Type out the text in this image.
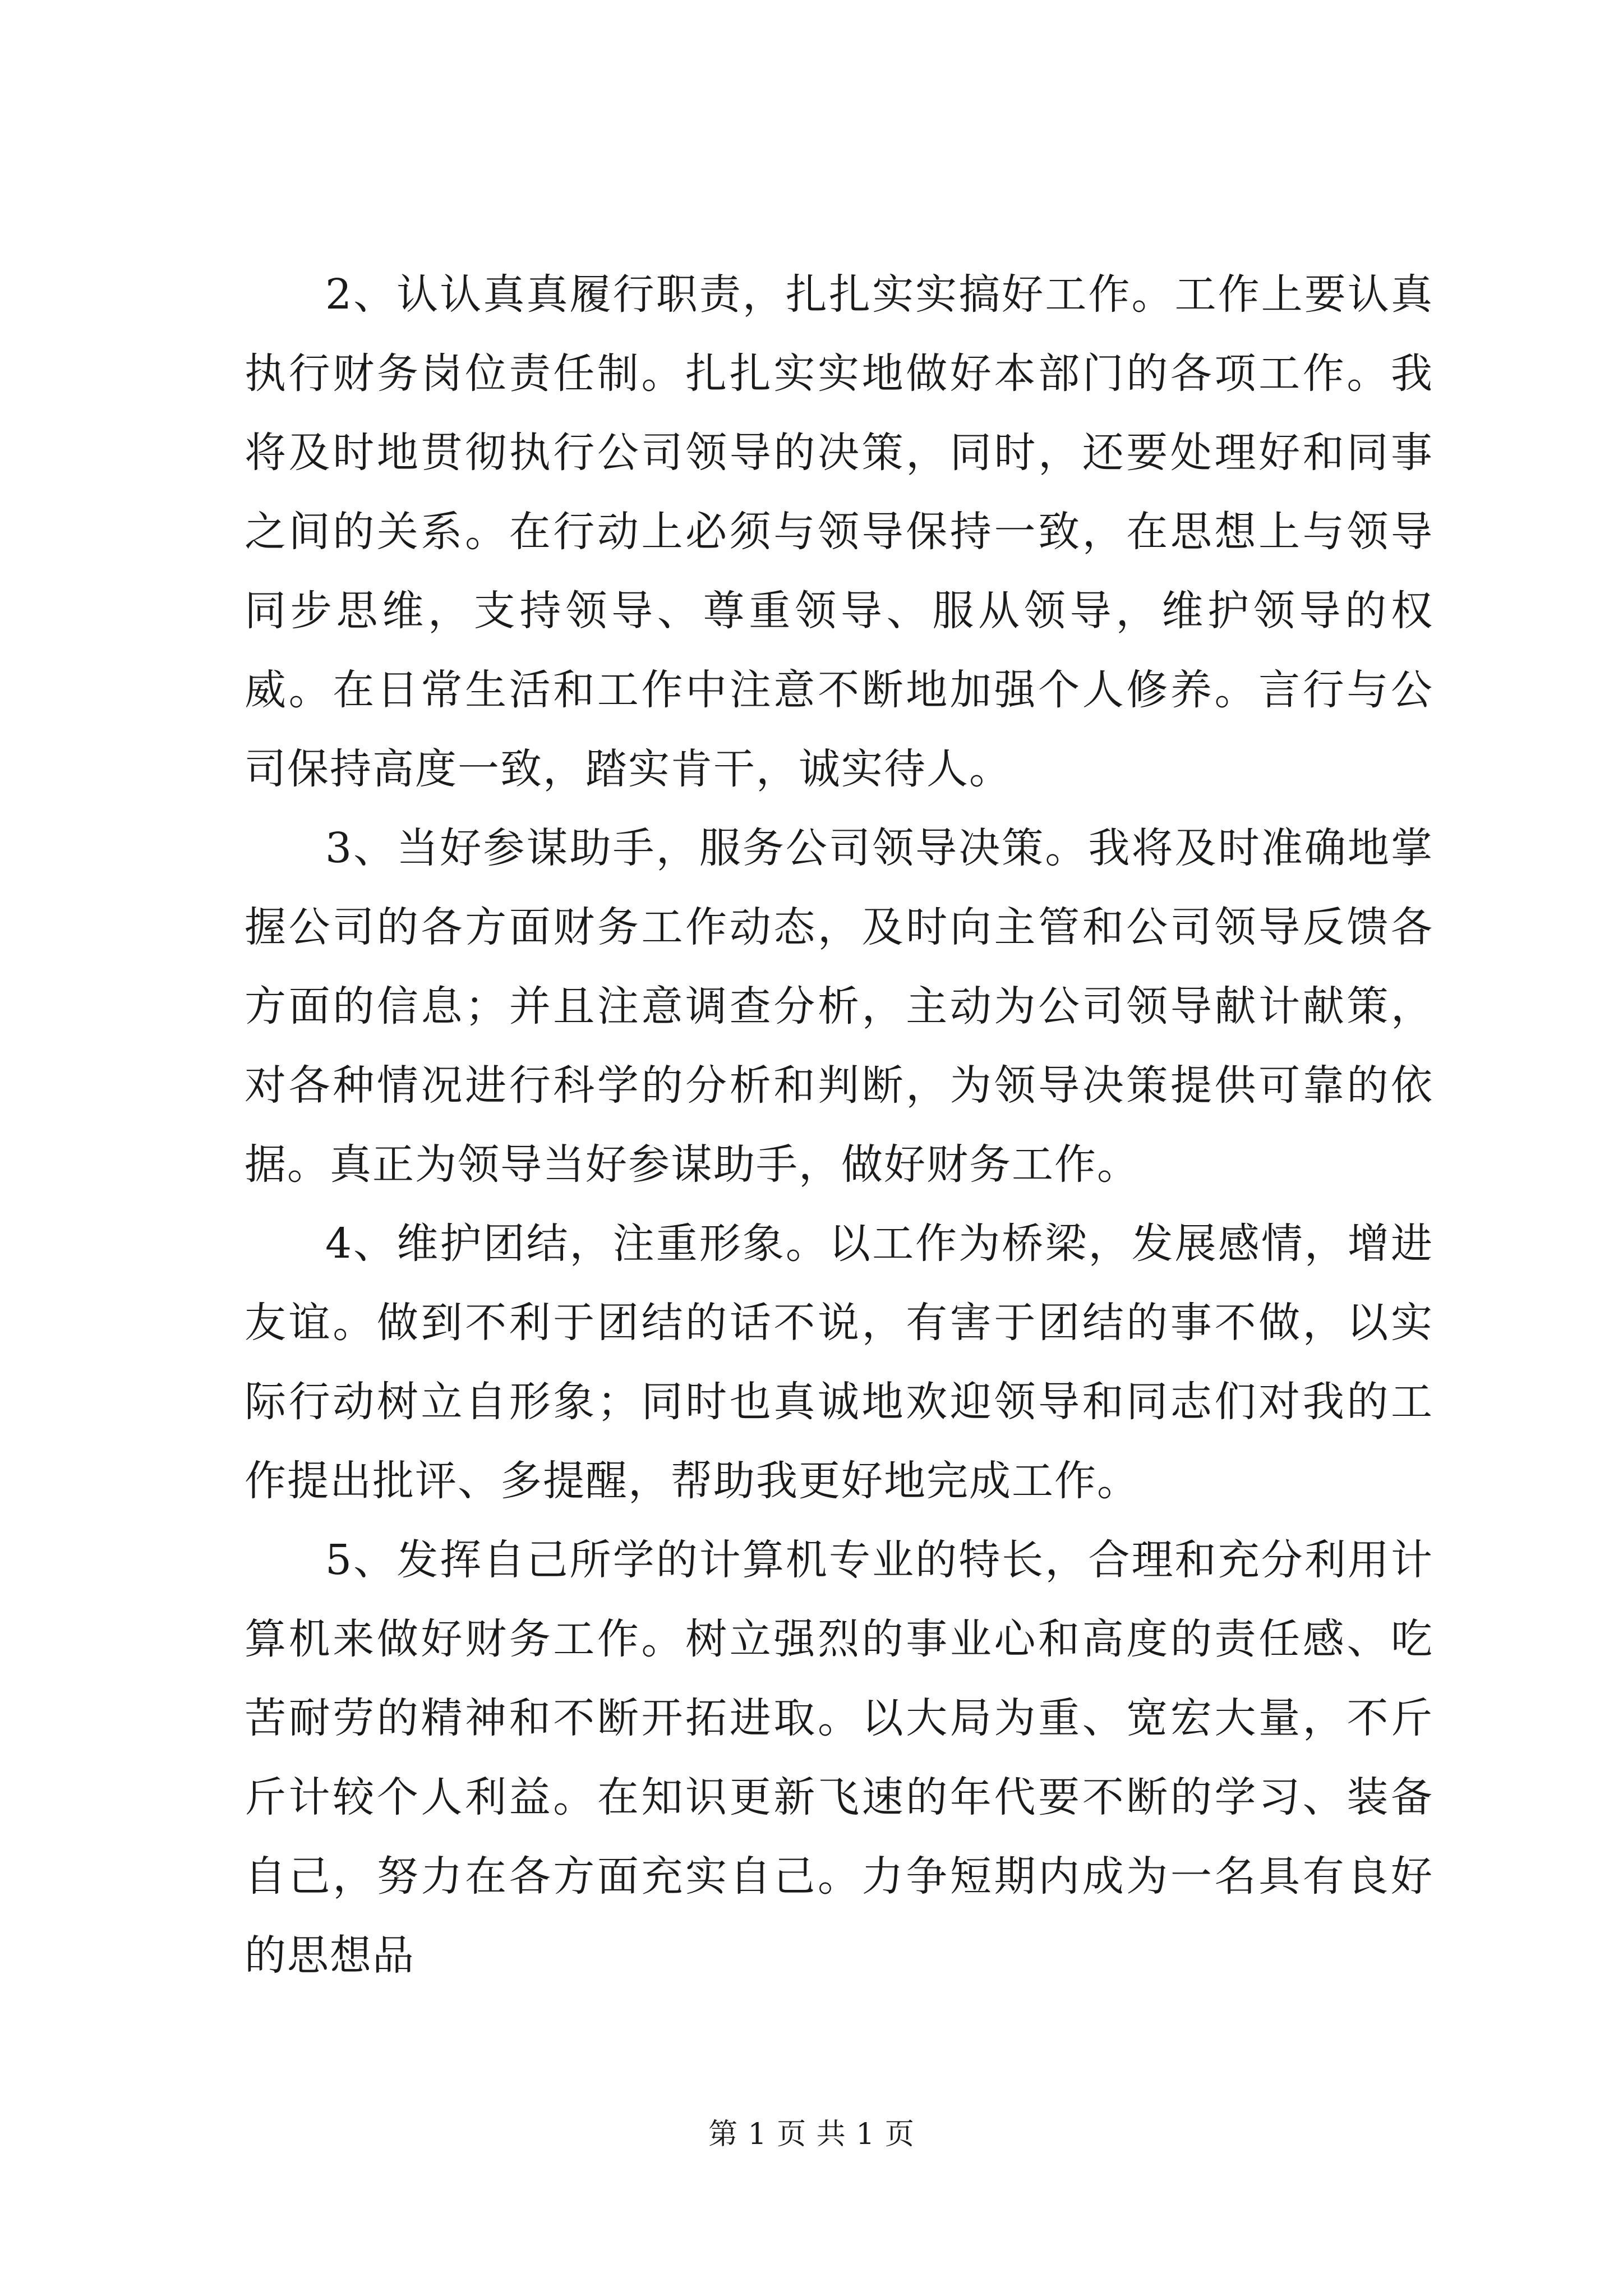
2、认认真真履行职责，扎扎实实搞好工作。工作上要认真执行财务岗位责任制。扎扎实实地做好本部门的各项工作。我将及时地贯彻执行公司领导的决策，同时，还要处理好和同事之间的关系。在行动上必须与领导保持一致，在思想上与领导同步思维，支持领导、尊重领导、服从领导，维护领导的权威。在日常生活和工作中注意不断地加强个人修养。言行与公司保持高度一致，踏实肯干，诚实待人。

3、当好参谋助手，服务公司领导决策。我将及时准确地掌握公司的各方面财务工作动态，及时向主管和公司领导反馈各方面的信息；并且注意调查分析，主动为公司领导献计献策，对各种情况进行科学的分析和判断，为领导决策提供可靠的依据。真正为领导当好参谋助手，做好财务工作。

4、维护团结，注重形象。以工作为桥梁，发展感情，增进友谊。做到不利于团结的话不说，有害于团结的事不做，以实际行动树立自形象；同时也真诚地欢迎领导和同志们对我的工作提出批评、多提醒，帮助我更好地完成工作。

5、发挥自己所学的计算机专业的特长，合理和充分利用计算机来做好财务工作。树立强烈的事业心和高度的责任感、吃苦耐劳的精神和不断开拓进取。以大局为重、宽宏大量，不斤斤计较个人利益。在知识更新飞速的年代要不断的学习、装备自己，努力在各方面充实自己。力争短期内成为一名具有良好的思想品

第 1 页 共 1 页
